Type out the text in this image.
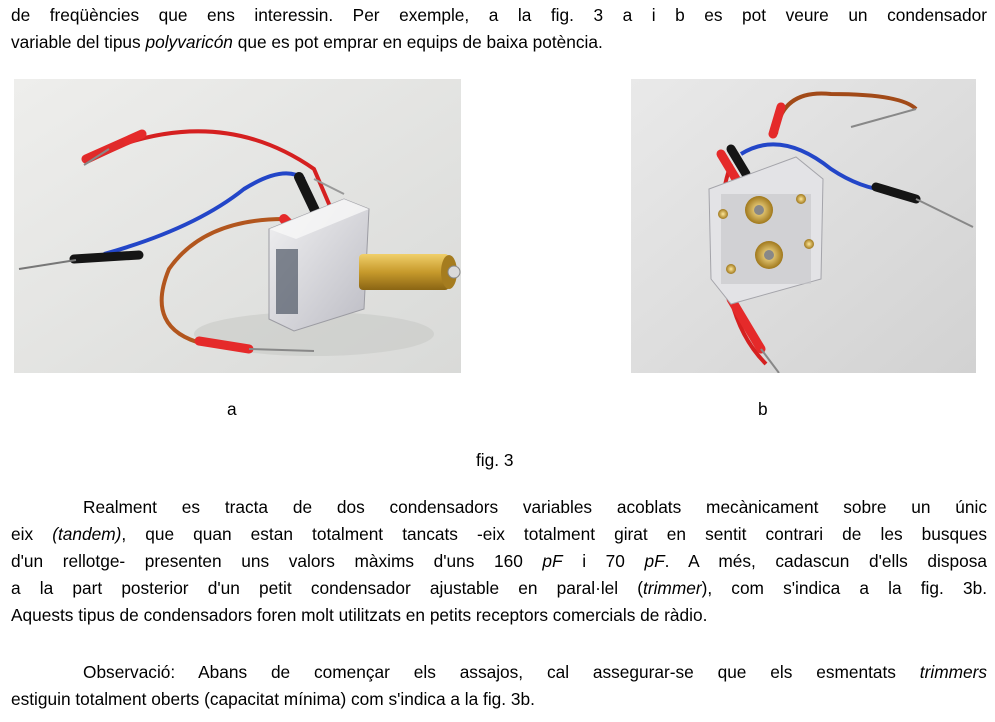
de freqüències que ens interessin. Per exemple, a la fig. 3 a i b es pot veure un condensador
variable del tipus polyvaricón que es pot emprar en equips de baixa potència.
a	b
fig. 3
Realment es tracta de dos condensadors variables acoblats mecànicament sobre un únic
eix (tandem), que quan estan totalment tancats -eix totalment girat en sentit contrari de les busques
d'un rellotge- presenten uns valors màxims d'uns 160 pF i 70 pF. A més, cadascun d'ells disposa
a la part posterior d'un petit condensador ajustable en paral·lel (trimmer), com s'indica a la fig. 3b.
Aquests tipus de condensadors foren molt utilitzats en petits receptors comercials de ràdio.
Observació: Abans de començar els assajos, cal assegurar-se que els esmentats trimmers
estiguin totalment oberts (capacitat mínima) com s'indica a la fig. 3b.
